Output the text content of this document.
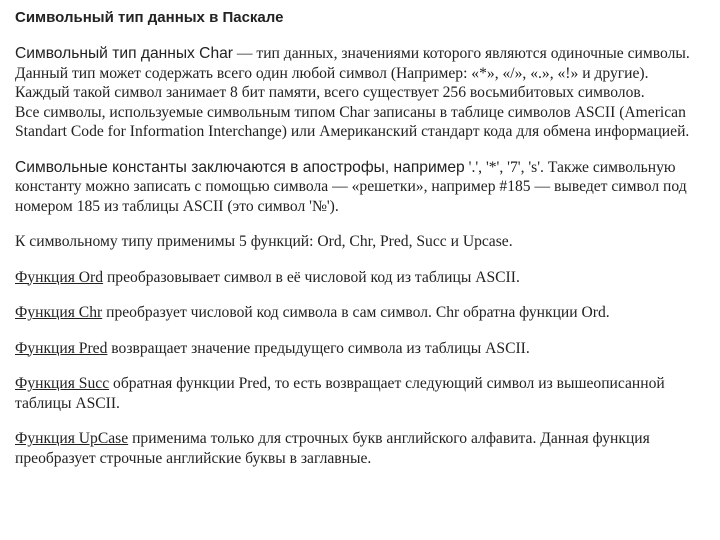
Символьный тип данных в Паскале

Символьный тип данных Char — тип данных, значениями которого являются одиночные символы. Данный тип может содержать всего один любой символ (Например: «*», «/», «.», «!» и другие).

Каждый такой символ занимает 8 бит памяти, всего существует 256 восьмибитовых символов.

Все символы, используемые символьным типом Char записаны в таблице символов ASCII (American Standart Code for Information Interchange) или Американский стандарт кода для обмена информацией.

Символьные константы заключаются в апострофы, например '.', '*', '7', 's'. Также символьную константу можно записать с помощью символа — «решетки», например #185 — выведет символ под номером 185 из таблицы ASCII (это символ '№').

К символьному типу применимы 5 функций: Ord, Chr, Pred, Succ и Upcase.

Функция Ord преобразовывает символ в её числовой код из таблицы ASCII.

Функция Chr преобразует числовой код символа в сам символ. Chr обратна функции Ord.

Функция Pred возвращает значение предыдущего символа из таблицы ASCII.

Функция Succ обратная функции Pred, то есть возвращает следующий символ из вышеописанной таблицы ASCII.

Функция UpCase применима только для строчных букв английского алфавита. Данная функция преобразует строчные английские буквы в заглавные.
